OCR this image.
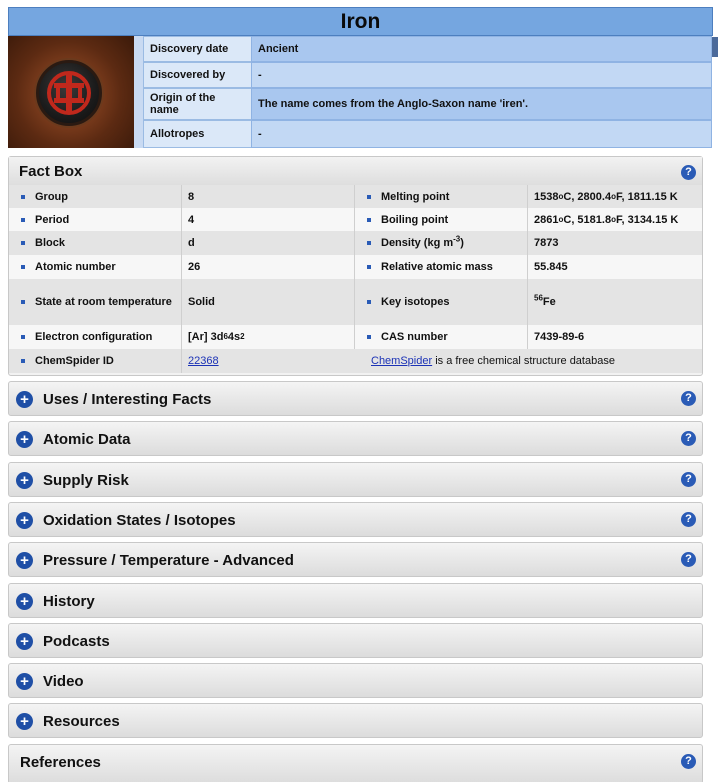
Iron
Discovery date	Ancient
Discovered by	-
Origin of the name	The name comes from the Anglo-Saxon name 'iren'.
Allotropes	-
Fact Box	?
Group	8	Melting point	1538 o C, 2800.4 o F, 1811.15 K
Period	4	Boiling point	2861 o C, 5181.8 o F, 3134.15 K
Block	d	Density (kg $m^{-3}$)	7873
Atomic number	26	Relative atomic mass	55.845
State at room temperature	Solid	Key isotopes	$^{56}$Fe
Electron configuration	[Ar] 3d 6 4s 2	CAS number	7439-89-6
ChemSpider ID	22368	ChemSpider is a free chemical structure database
+ Uses / Interesting Facts	?
+ Atomic Data	?
+ Supply Risk	?
+ Oxidation States / Isotopes	?
+ Pressure / Temperature - Advanced	?
+ History
+ Podcasts
+ Video
+ Resources
References	?
